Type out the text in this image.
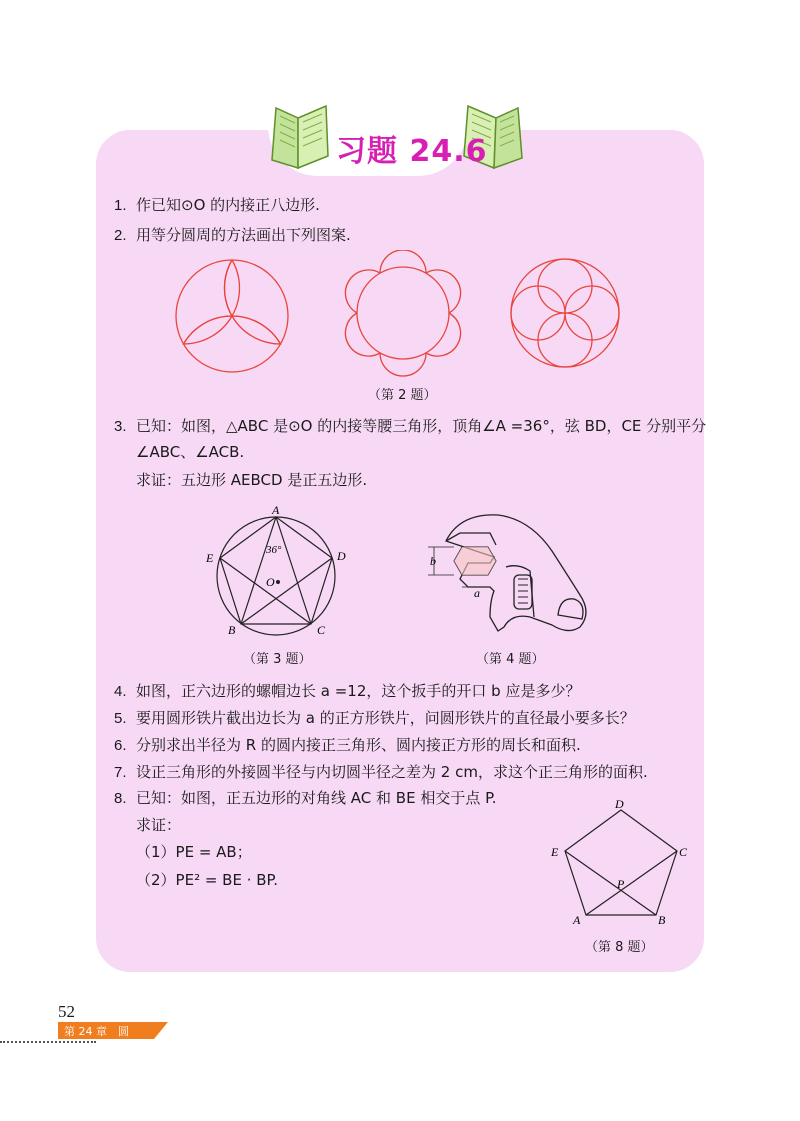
习题 24.6
1. 作已知⊙O 的内接正八边形.
2. 用等分圆周的方法画出下列图案.
（第 2 题）
3. 已知：如图，△ABC 是⊙O 的内接等腰三角形，顶角∠A =36°，弦 BD，CE 分别平分
∠ABC、∠ACB.
求证：五边形 AEBCD 是正五边形.
A
D
C
B
E
O
36°
（第 3 题）
b
a
（第 4 题）
4. 如图，正六边形的螺帽边长 a =12，这个扳手的开口 b 应是多少？
5. 要用圆形铁片截出边长为 a 的正方形铁片，问圆形铁片的直径最小要多长？
6. 分别求出半径为 R 的圆内接正三角形、圆内接正方形的周长和面积.
7. 设正三角形的外接圆半径与内切圆半径之差为 2 cm，求这个正三角形的面积.
8. 已知：如图，正五边形的对角线 AC 和 BE 相交于点 P.
求证：
（1）PE = AB；
（2）PE² = BE · BP.
D
C
B
A
E
P
（第 8 题）
52
第 24 章　圆
